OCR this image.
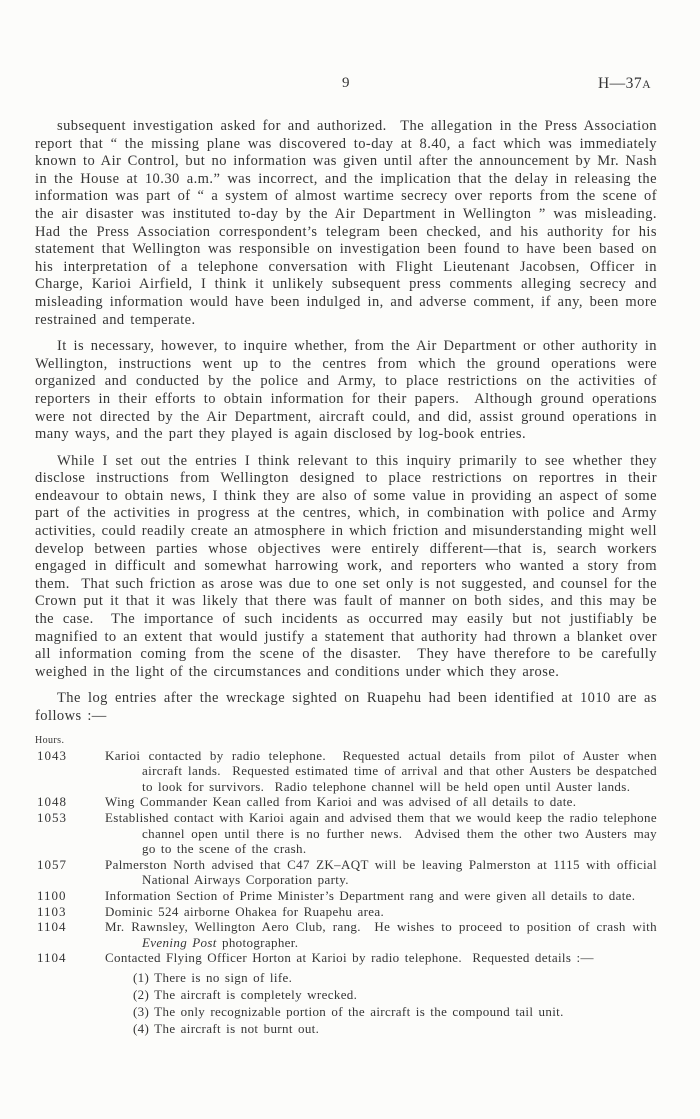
9	H—37A

subsequent investigation asked for and authorized.  The allegation in the Press Association report that “ the missing plane was discovered to-day at 8.40, a fact which was immediately known to Air Control, but no information was given until after the announcement by Mr. Nash in the House at 10.30 a.m.” was incorrect, and the implication that the delay in releasing the information was part of “ a system of almost wartime secrecy over reports from the scene of the air disaster was instituted to-day by the Air Department in Wellington ” was misleading.  Had the Press Association correspondent’s telegram been checked, and his authority for his statement that Wellington was responsible on investigation been found to have been based on his interpretation of a telephone conversation with Flight Lieutenant Jacobsen, Officer in Charge, Karioi Airfield, I think it unlikely subsequent press comments alleging secrecy and misleading information would have been indulged in, and adverse comment, if any, been more restrained and temperate.

It is necessary, however, to inquire whether, from the Air Department or other authority in Wellington, instructions went up to the centres from which the ground operations were organized and conducted by the police and Army, to place restrictions on the activities of reporters in their efforts to obtain information for their papers.  Although ground operations were not directed by the Air Department, aircraft could, and did, assist ground operations in many ways, and the part they played is again disclosed by log-book entries.

While I set out the entries I think relevant to this inquiry primarily to see whether they disclose instructions from Wellington designed to place restrictions on reportres in their endeavour to obtain news, I think they are also of some value in providing an aspect of some part of the activities in progress at the centres, which, in combination with police and Army activities, could readily create an atmosphere in which friction and misunderstanding might well develop between parties whose objectives were entirely different—that is, search workers engaged in difficult and somewhat harrowing work, and reporters who wanted a story from them.  That such friction as arose was due to one set only is not suggested, and counsel for the Crown put it that it was likely that there was fault of manner on both sides, and this may be the case.  The importance of such incidents as occurred may easily but not justifiably be magnified to an extent that would justify a statement that authority had thrown a blanket over all information coming from the scene of the disaster.  They have therefore to be carefully weighed in the light of the circumstances and conditions under which they arose.

The log entries after the wreckage sighted on Ruapehu had been identified at 1010 are as follows :—

Hours.
1043	Karioi contacted by radio telephone.  Requested actual details from pilot of Auster when aircraft lands.  Requested estimated time of arrival and that other Austers be despatched to look for survivors.  Radio telephone channel will be held open until Auster lands.
1048	Wing Commander Kean called from Karioi and was advised of all details to date.
1053	Established contact with Karioi again and advised them that we would keep the radio telephone channel open until there is no further news.  Advised them the other two Austers may go to the scene of the crash.
1057	Palmerston North advised that C47 ZK–AQT will be leaving Palmerston at 1115 with official National Airways Corporation party.
1100	Information Section of Prime Minister’s Department rang and were given all details to date.
1103	Dominic 524 airborne Ohakea for Ruapehu area.
1104	Mr. Rawnsley, Wellington Aero Club, rang.  He wishes to proceed to position of crash with Evening Post photographer.
1104	Contacted Flying Officer Horton at Karioi by radio telephone.  Requested details :—
(1) There is no sign of life.
(2) The aircraft is completely wrecked.
(3) The only recognizable portion of the aircraft is the compound tail unit.
(4) The aircraft is not burnt out.
